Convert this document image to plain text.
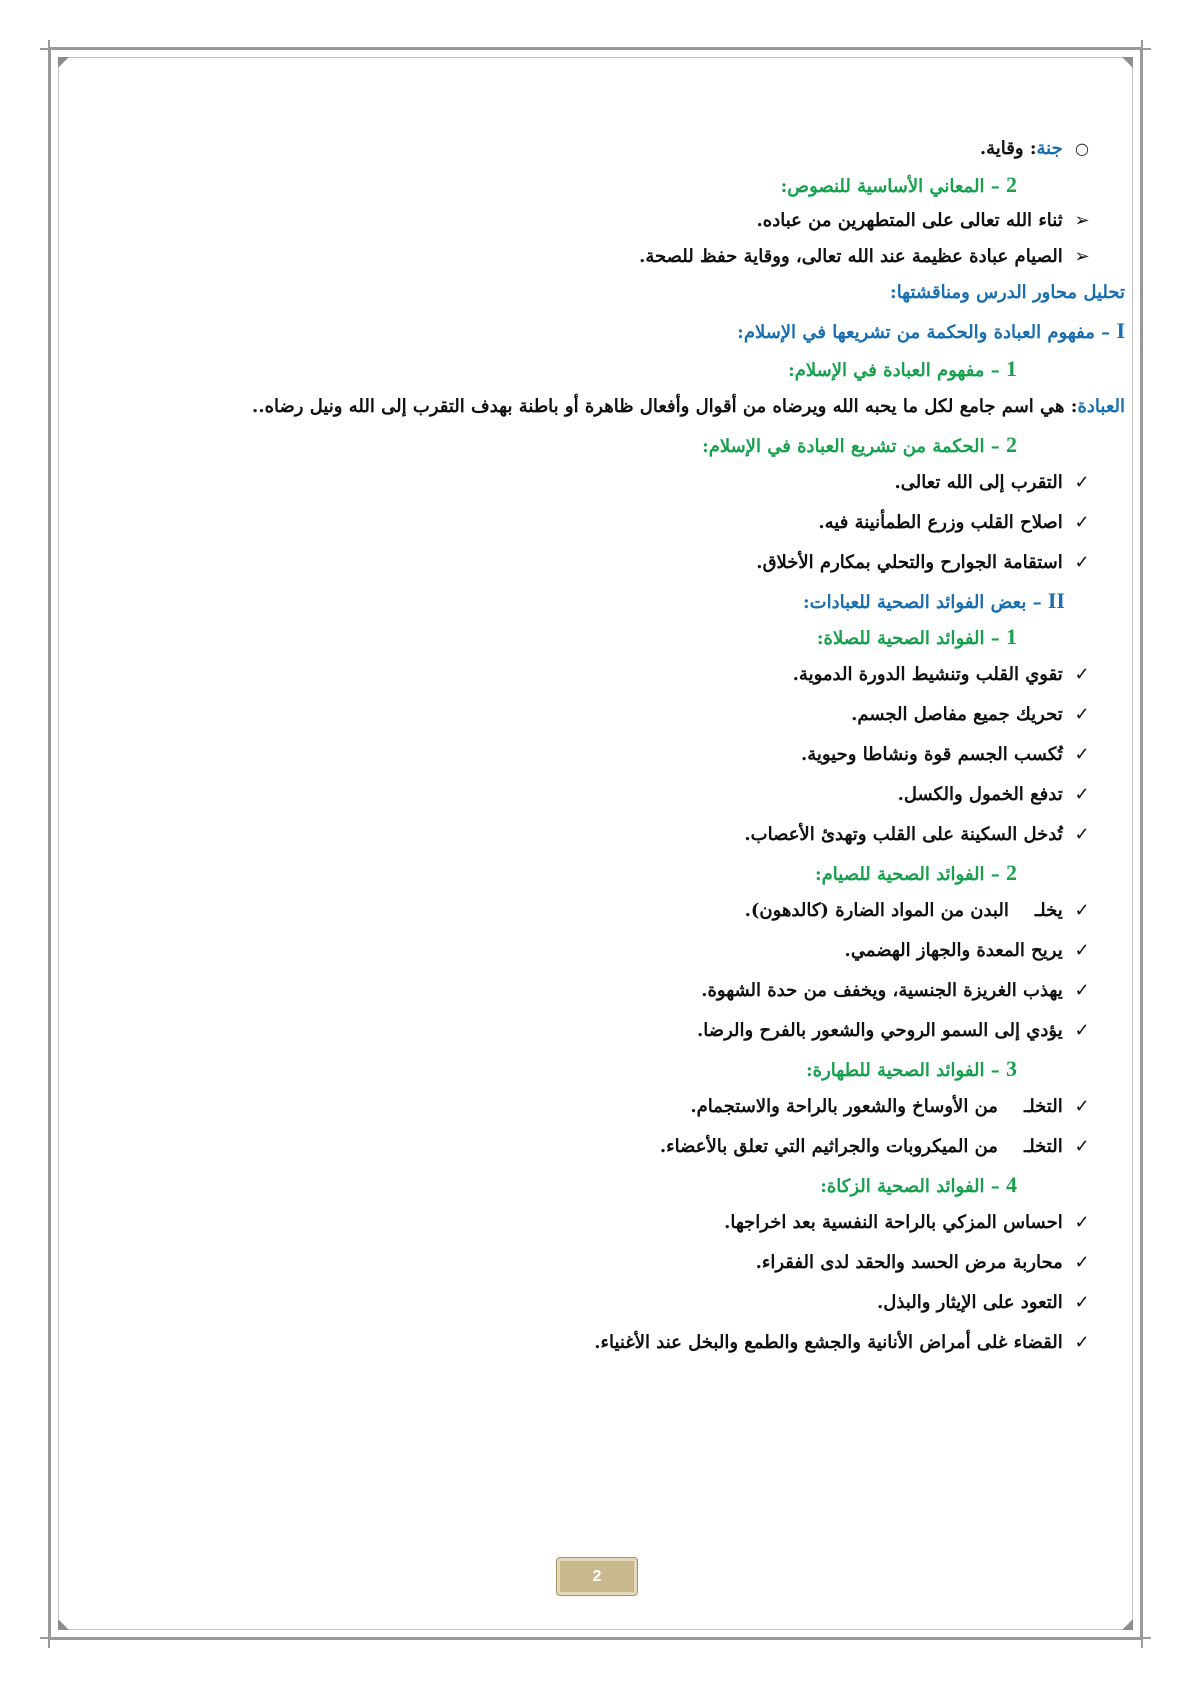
○ جنة: وقاية.
2 – المعاني الأساسية للنصوص:
➢ ثناء الله تعالى على المتطهرين من عباده.
➢ الصيام عبادة عظيمة عند الله تعالى، ووقاية حفظ للصحة.
تحليل محاور الدرس ومناقشتها:
I – مفهوم العبادة والحكمة من تشريعها في الإسلام:
1 – مفهوم العبادة في الإسلام:
العبادة: هي اسم جامع لكل ما يحبه الله ويرضاه من أقوال وأفعال ظاهرة أو باطنة بهدف التقرب إلى الله ونيل رضاه..
2 – الحكمة من تشريع العبادة في الإسلام:
✓ التقرب إلى الله تعالى.
✓ اصلاح القلب وزرع الطمأنينة فيه.
✓ استقامة الجوارح والتحلي بمكارم الأخلاق.
II – بعض الفوائد الصحية للعبادات:
1 – الفوائد الصحية للصلاة:
✓ تقوي القلب وتنشيط الدورة الدموية.
✓ تحريك جميع مفاصل الجسم.
✓ تُكسب الجسم قوة ونشاطا وحيوية.
✓ تدفع الخمول والكسل.
✓ تُدخل السكينة على القلب وتهدئ الأعصاب.
2 – الفوائد الصحية للصيام:
✓ يخلـالبدن من المواد الضارة (كالدهون).
✓ يريح المعدة والجهاز الهضمي.
✓ يهذب الغريزة الجنسية، ويخفف من حدة الشهوة.
✓ يؤدي إلى السمو الروحي والشعور بالفرح والرضا.
3 – الفوائد الصحية للطهارة:
✓ التخلـمن الأوساخ والشعور بالراحة والاستجمام.
✓ التخلـمن الميكروبات والجراثيم التي تعلق بالأعضاء.
4 – الفوائد الصحية الزكاة:
✓ احساس المزكي بالراحة النفسية بعد اخراجها.
✓ محاربة مرض الحسد والحقد لدى الفقراء.
✓ التعود على الإيثار والبذل.
✓ القضاء غلى أمراض الأنانية والجشع والطمع والبخل عند الأغنياء.
2
